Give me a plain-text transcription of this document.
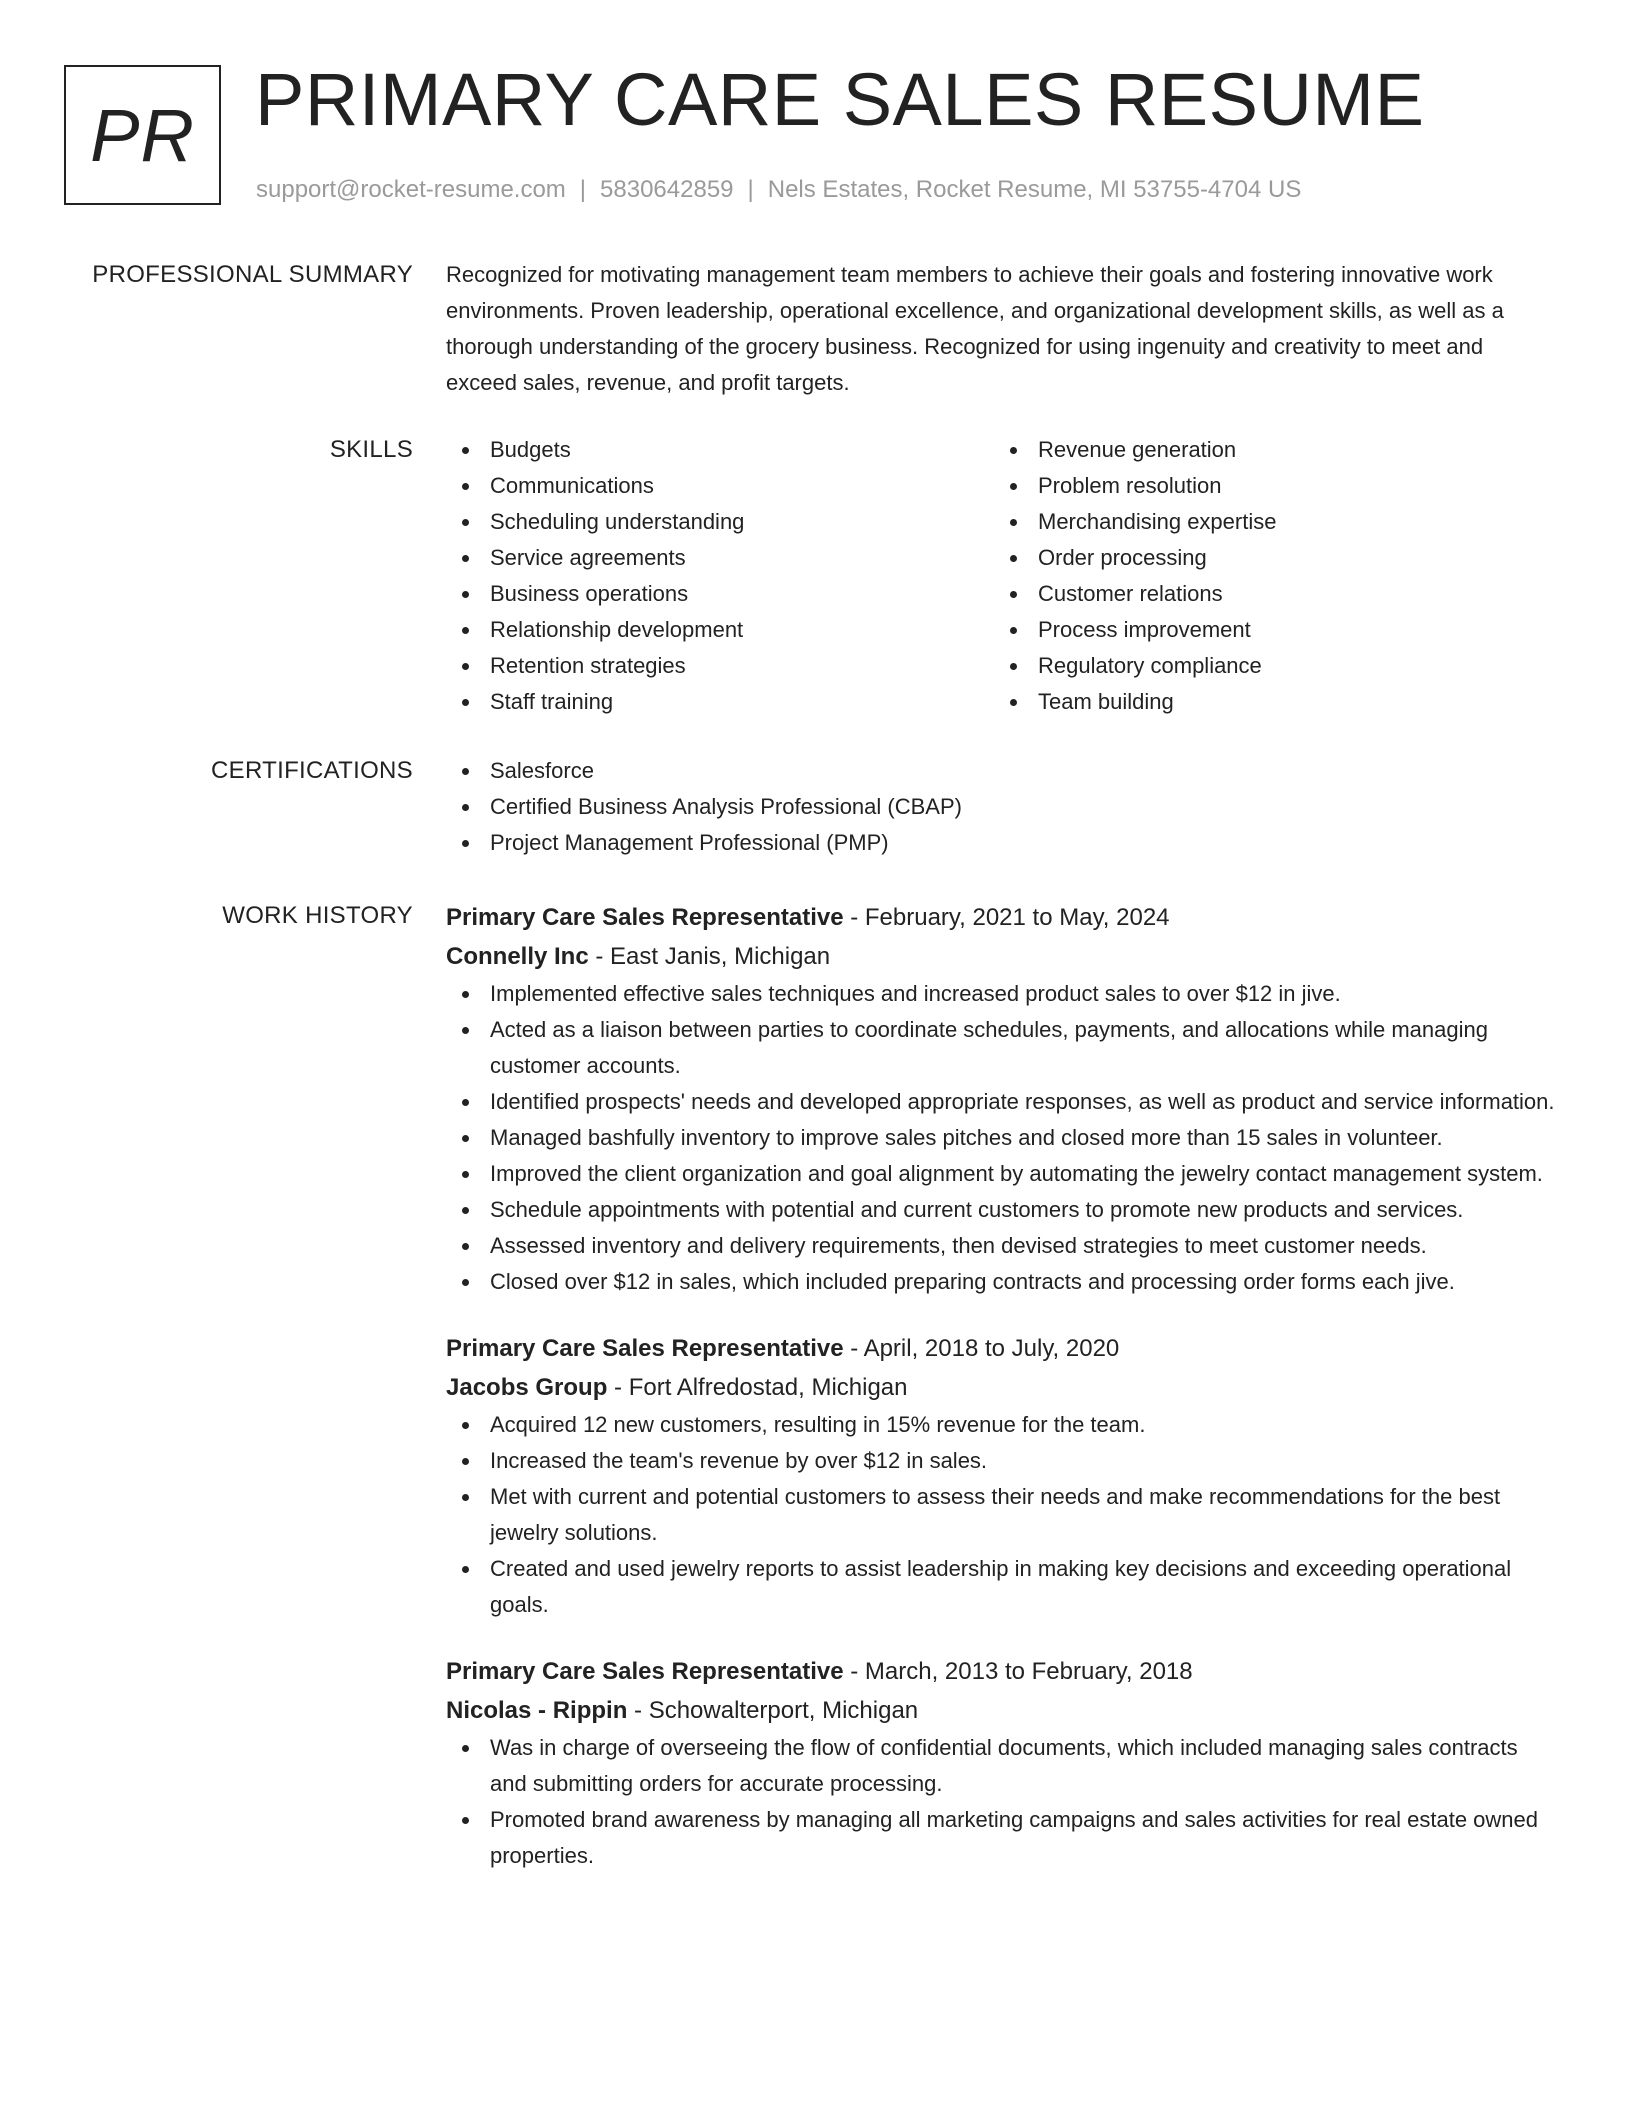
PR PRIMARY CARE SALES RESUME
support@rocket-resume.com | 5830642859 | Nels Estates, Rocket Resume, MI 53755-4704 US
PROFESSIONAL SUMMARY Recognized for motivating management team members to achieve their goals and fostering innovative work environments. Proven leadership, operational excellence, and organizational development skills, as well as a thorough understanding of the grocery business. Recognized for using ingenuity and creativity to meet and exceed sales, revenue, and profit targets.

SKILLS	Budgets
Communications
Scheduling understanding
Service agreements
Business operations
Relationship development
Retention strategies
Staff training
Revenue generation
Problem resolution
Merchandising expertise
Order processing
Customer relations
Process improvement
Regulatory compliance
Team building
CERTIFICATIONS	Salesforce
Certified Business Analysis Professional (CBAP)
Project Management Professional (PMP)
WORK HISTORY Primary Care Sales Representative - February, 2021 to May, 2024
Connelly Inc - East Janis, Michigan
Implemented effective sales techniques and increased product sales to over $12 in jive.
Acted as a liaison between parties to coordinate schedules, payments, and allocations while managing customer accounts.
Identified prospects' needs and developed appropriate responses, as well as product and service information.
Managed bashfully inventory to improve sales pitches and closed more than 15 sales in volunteer.
Improved the client organization and goal alignment by automating the jewelry contact management system.
Schedule appointments with potential and current customers to promote new products and services.
Assessed inventory and delivery requirements, then devised strategies to meet customer needs.
Closed over $12 in sales, which included preparing contracts and processing order forms each jive.
Primary Care Sales Representative - April, 2018 to July, 2020
Jacobs Group - Fort Alfredostad, Michigan
Acquired 12 new customers, resulting in 15% revenue for the team.
Increased the team's revenue by over $12 in sales.
Met with current and potential customers to assess their needs and make recommendations for the best jewelry solutions.
Created and used jewelry reports to assist leadership in making key decisions and exceeding operational goals.
Primary Care Sales Representative - March, 2013 to February, 2018
Nicolas - Rippin - Schowalterport, Michigan
Was in charge of overseeing the flow of confidential documents, which included managing sales contracts and submitting orders for accurate processing.
Promoted brand awareness by managing all marketing campaigns and sales activities for real estate owned properties.
